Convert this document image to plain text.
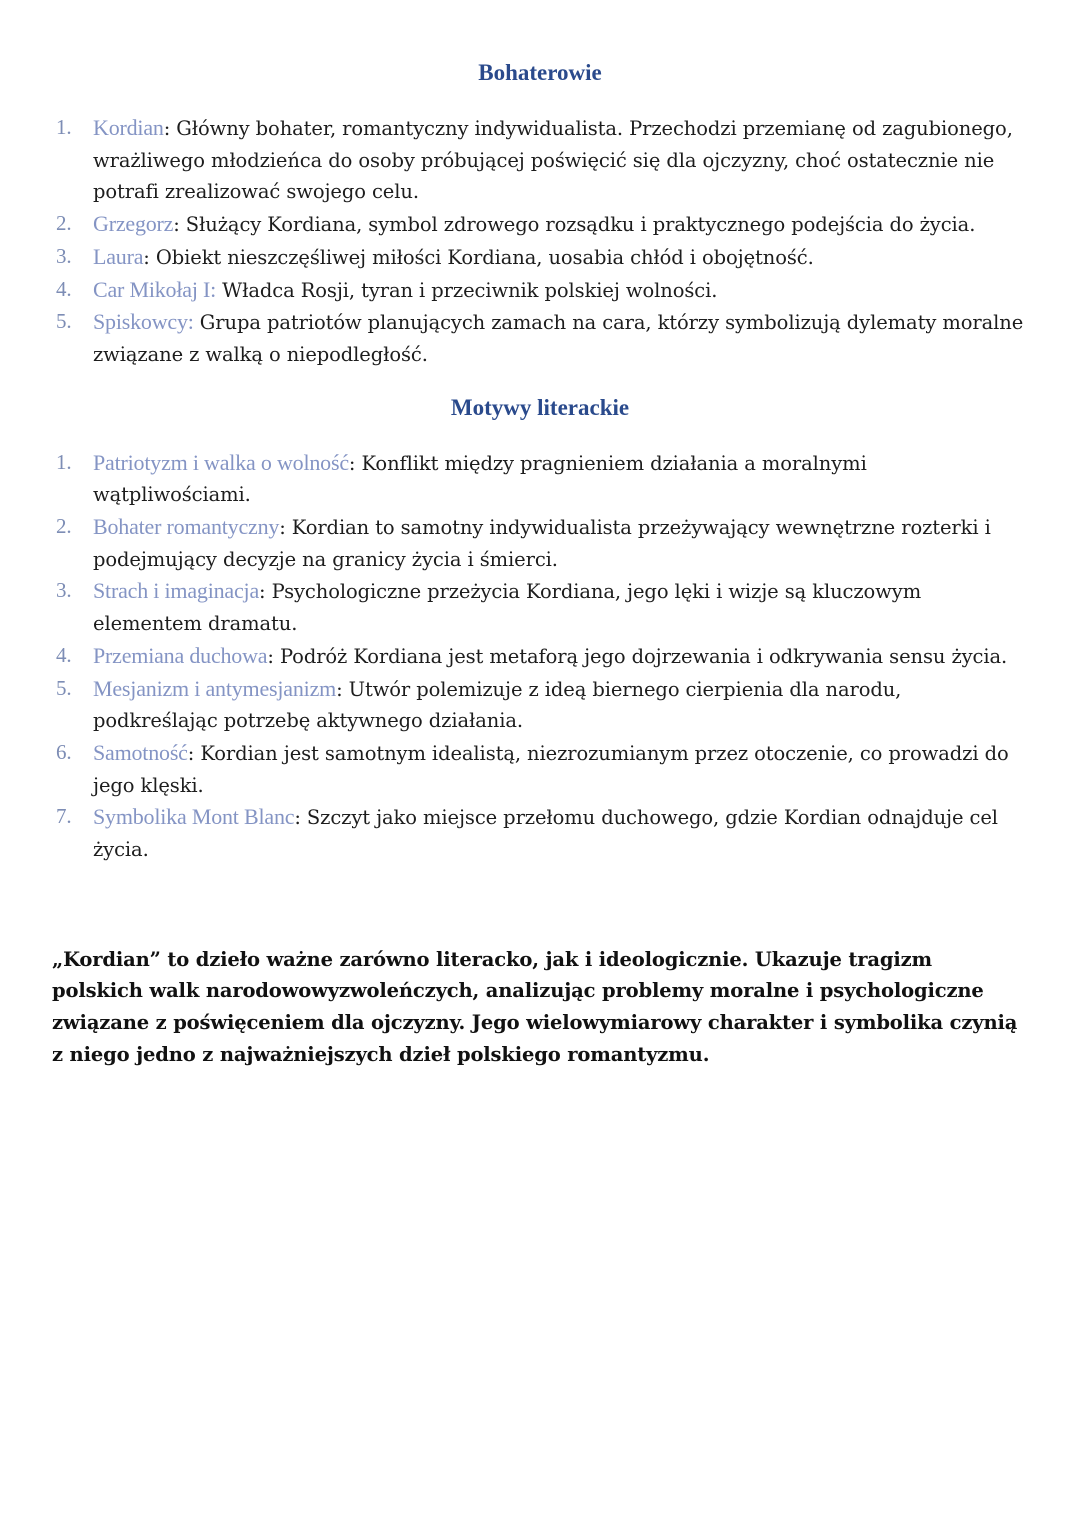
Bohaterowie
1. Kordian: Główny bohater, romantyczny indywidualista. Przechodzi przemianę od zagubionego, wrażliwego młodzieńca do osoby próbującej poświęcić się dla ojczyzny, choć ostatecznie nie potrafi zrealizować swojego celu.
2. Grzegorz: Służący Kordiana, symbol zdrowego rozsądku i praktycznego podejścia do życia.
3. Laura: Obiekt nieszczęśliwej miłości Kordiana, uosabia chłód i obojętność.
4. Car Mikołaj I: Władca Rosji, tyran i przeciwnik polskiej wolności.
5. Spiskowcy: Grupa patriotów planujących zamach na cara, którzy symbolizują dylematy moralne związane z walką o niepodległość.
Motywy literackie
1. Patriotyzm i walka o wolność: Konflikt między pragnieniem działania a moralnymi wątpliwościami.
2. Bohater romantyczny: Kordian to samotny indywidualista przeżywający wewnętrzne rozterki i podejmujący decyzje na granicy życia i śmierci.
3. Strach i imaginacja: Psychologiczne przeżycia Kordiana, jego lęki i wizje są kluczowym elementem dramatu.
4. Przemiana duchowa: Podróż Kordiana jest metaforą jego dojrzewania i odkrywania sensu życia.
5. Mesjanizm i antymesjanizm: Utwór polemizuje z ideą biernego cierpienia dla narodu, podkreślając potrzebę aktywnego działania.
6. Samotność: Kordian jest samotnym idealistą, niezrozumianym przez otoczenie, co prowadzi do jego klęski.
7. Symbolika Mont Blanc: Szczyt jako miejsce przełomu duchowego, gdzie Kordian odnajduje cel życia.

„Kordian” to dzieło ważne zarówno literacko, jak i ideologicznie. Ukazuje tragizm polskich walk narodowowyzwoleńczych, analizując problemy moralne i psychologiczne związane z poświęceniem dla ojczyzny. Jego wielowymiarowy charakter i symbolika czynią z niego jedno z najważniejszych dzieł polskiego romantyzmu.
